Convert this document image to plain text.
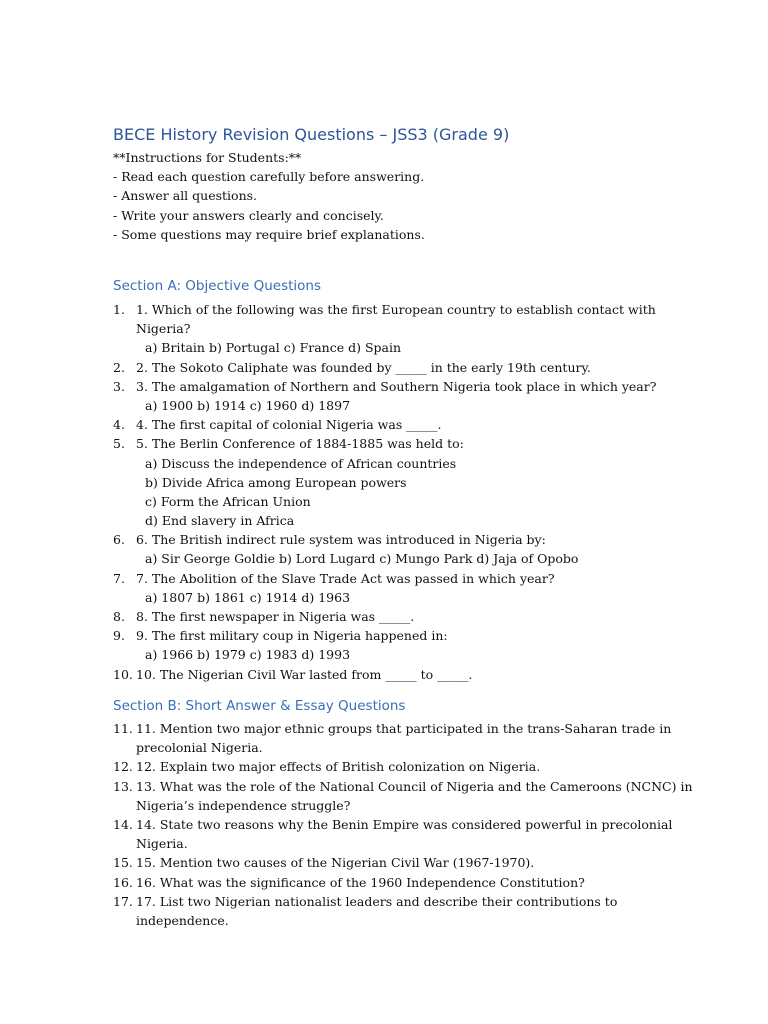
BECE History Revision Questions – JSS3 (Grade 9)
**Instructions for Students:**
- Read each question carefully before answering.
- Answer all questions.
- Write your answers clearly and concisely.
- Some questions may require brief explanations.
Section A: Objective Questions
1. 1. Which of the following was the first European country to establish contact with
Nigeria?
a) Britain b) Portugal c) France d) Spain
2. 2. The Sokoto Caliphate was founded by _____ in the early 19th century.
3. 3. The amalgamation of Northern and Southern Nigeria took place in which year?
a) 1900 b) 1914 c) 1960 d) 1897
4. 4. The first capital of colonial Nigeria was _____.
5. 5. The Berlin Conference of 1884-1885 was held to:
a) Discuss the independence of African countries
b) Divide Africa among European powers
c) Form the African Union
d) End slavery in Africa
6. 6. The British indirect rule system was introduced in Nigeria by:
a) Sir George Goldie b) Lord Lugard c) Mungo Park d) Jaja of Opobo
7. 7. The Abolition of the Slave Trade Act was passed in which year?
a) 1807 b) 1861 c) 1914 d) 1963
8. 8. The first newspaper in Nigeria was _____.
9. 9. The first military coup in Nigeria happened in:
a) 1966 b) 1979 c) 1983 d) 1993
10. 10. The Nigerian Civil War lasted from _____ to _____.
Section B: Short Answer & Essay Questions
11. 11. Mention two major ethnic groups that participated in the trans-Saharan trade in
precolonial Nigeria.
12. 12. Explain two major effects of British colonization on Nigeria.
13. 13. What was the role of the National Council of Nigeria and the Cameroons (NCNC) in
Nigeria’s independence struggle?
14. 14. State two reasons why the Benin Empire was considered powerful in precolonial
Nigeria.
15. 15. Mention two causes of the Nigerian Civil War (1967-1970).
16. 16. What was the significance of the 1960 Independence Constitution?
17. 17. List two Nigerian nationalist leaders and describe their contributions to
independence.
